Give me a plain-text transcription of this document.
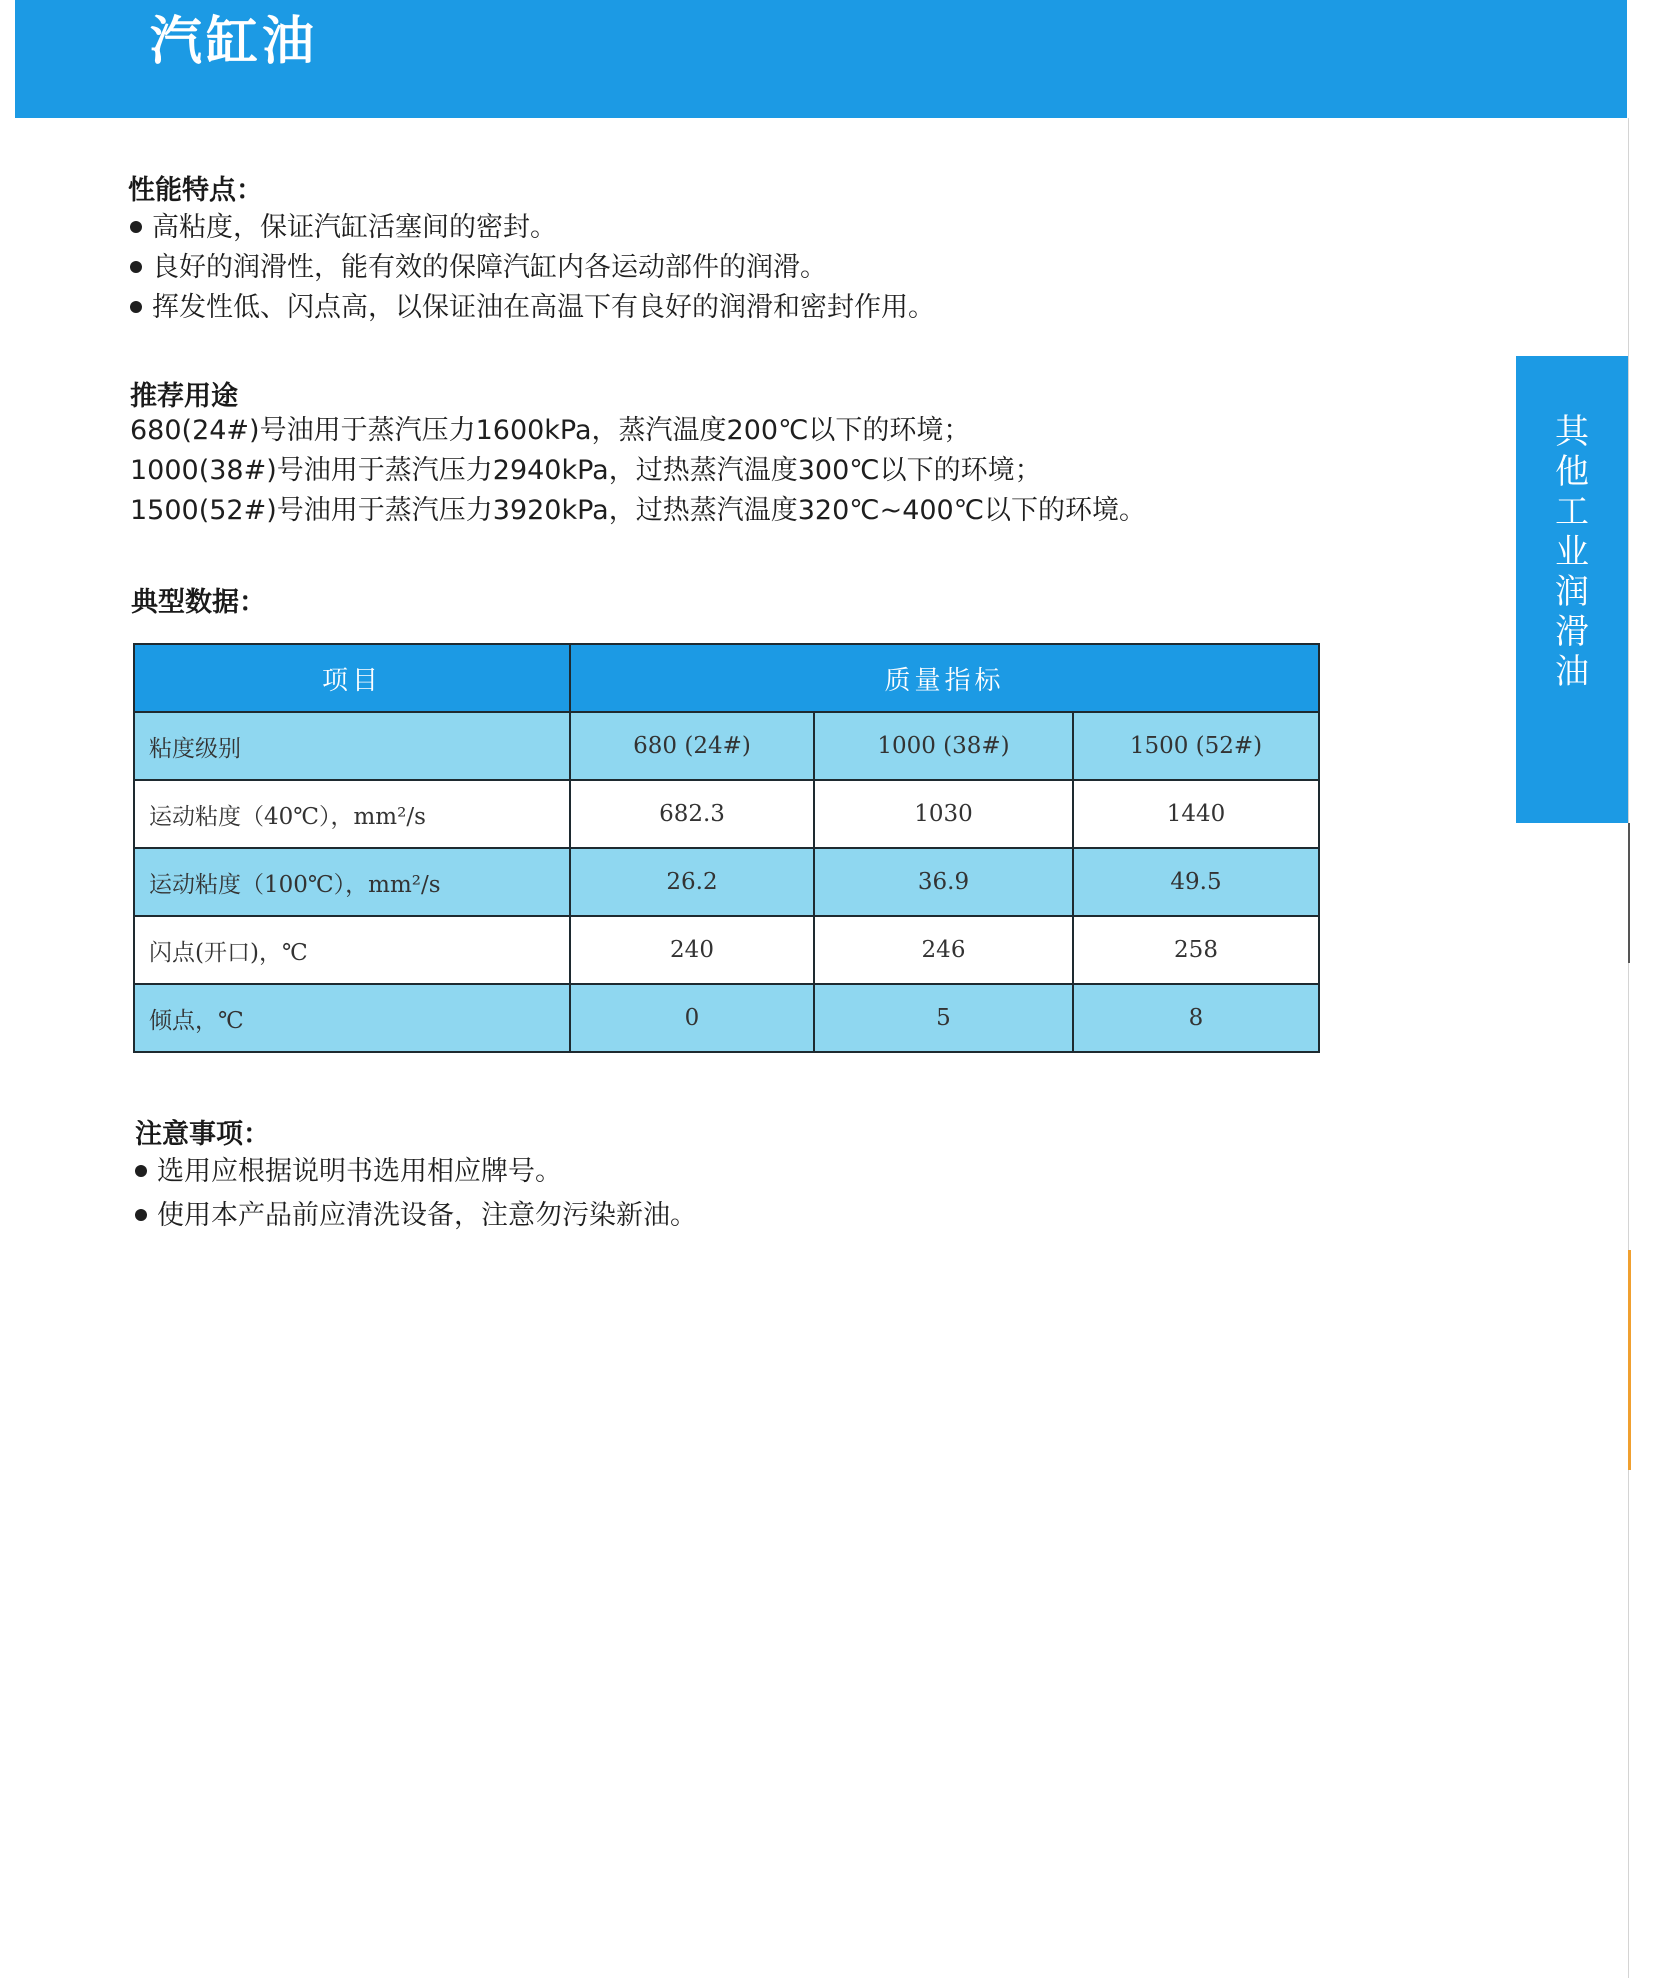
汽缸油
其他工业润滑油
性能特点：
高粘度，保证汽缸活塞间的密封。
良好的润滑性，能有效的保障汽缸内各运动部件的润滑。
挥发性低、闪点高，以保证油在高温下有良好的润滑和密封作用。
推荐用途
680(24#)号油用于蒸汽压力1600kPa，蒸汽温度200℃以下的环境；
1000(38#)号油用于蒸汽压力2940kPa，过热蒸汽温度300℃以下的环境；
1500(52#)号油用于蒸汽压力3920kPa，过热蒸汽温度320℃~400℃以下的环境。
典型数据：
项目	质量指标		
粘度级别	680 (24#)	1000 (38#)	1500 (52#)
运动粘度（40℃），mm²/s	682.3	1030	1440
运动粘度（100℃），mm²/s	26.2	36.9	49.5
闪点(开口)，℃	240	246	258
倾点，℃	0	5	8
注意事项：
选用应根据说明书选用相应牌号。
使用本产品前应清洗设备，注意勿污染新油。
